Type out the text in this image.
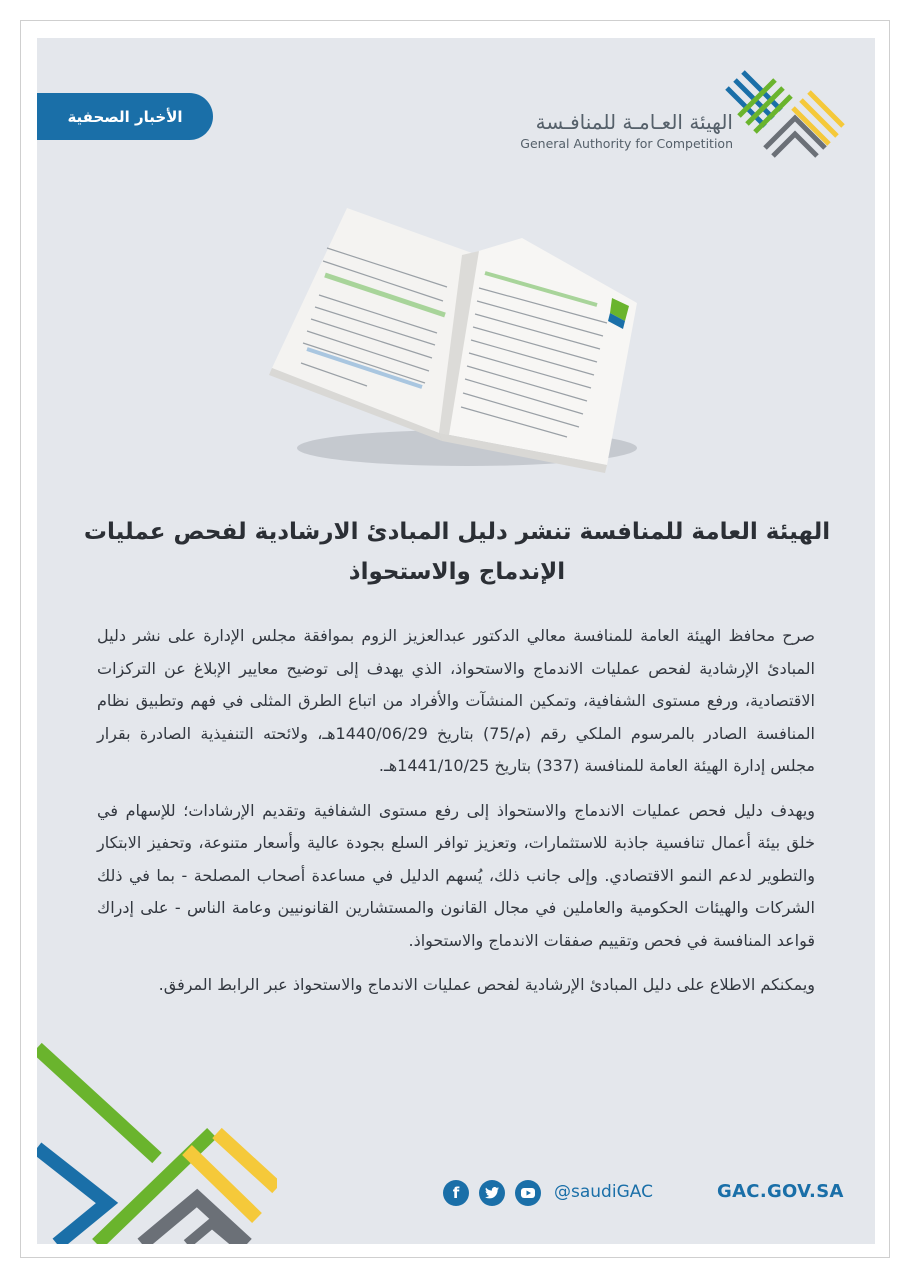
الأخبار الصحفية	الهيئة العـامـة للمنافـسة
General Authority for Competition
الهيئة العامة للمنافسة تنشر دليل المبادئ الارشادية لفحص عمليات الإندماج والاستحواذ

صرح محافظ الهيئة العامة للمنافسة معالي الدكتور عبدالعزيز الزوم بموافقة مجلس الإدارة على نشر دليل المبادئ الإرشادية لفحص عمليات الاندماج والاستحواذ، الذي يهدف إلى توضيح معايير الإبلاغ عن التركزات الاقتصادية، ورفع مستوى الشفافية، وتمكين المنشآت والأفراد من اتباع الطرق المثلى في فهم وتطبيق نظام المنافسة الصادر بالمرسوم الملكي رقم (م/75) بتاريخ 1440/06/29هـ، ولائحته التنفيذية الصادرة بقرار مجلس إدارة الهيئة العامة للمنافسة (337) بتاريخ 1441/10/25هـ.

ويهدف دليل فحص عمليات الاندماج والاستحواذ إلى رفع مستوى الشفافية وتقديم الإرشادات؛ للإسهام في خلق بيئة أعمال تنافسية جاذبة للاستثمارات، وتعزيز توافر السلع بجودة عالية وأسعار متنوعة، وتحفيز الابتكار والتطوير لدعم النمو الاقتصادي. وإلى جانب ذلك، يُسهم الدليل في مساعدة أصحاب المصلحة - بما في ذلك الشركات والهيئات الحكومية والعاملين في مجال القانون والمستشارين القانونيين وعامة الناس - على إدراك قواعد المنافسة في فحص وتقييم صفقات الاندماج والاستحواذ.

ويمكنكم الاطلاع على دليل المبادئ الإرشادية لفحص عمليات الاندماج والاستحواذ عبر الرابط المرفق.

GAC.GOV.SA
@saudiGAC
f
